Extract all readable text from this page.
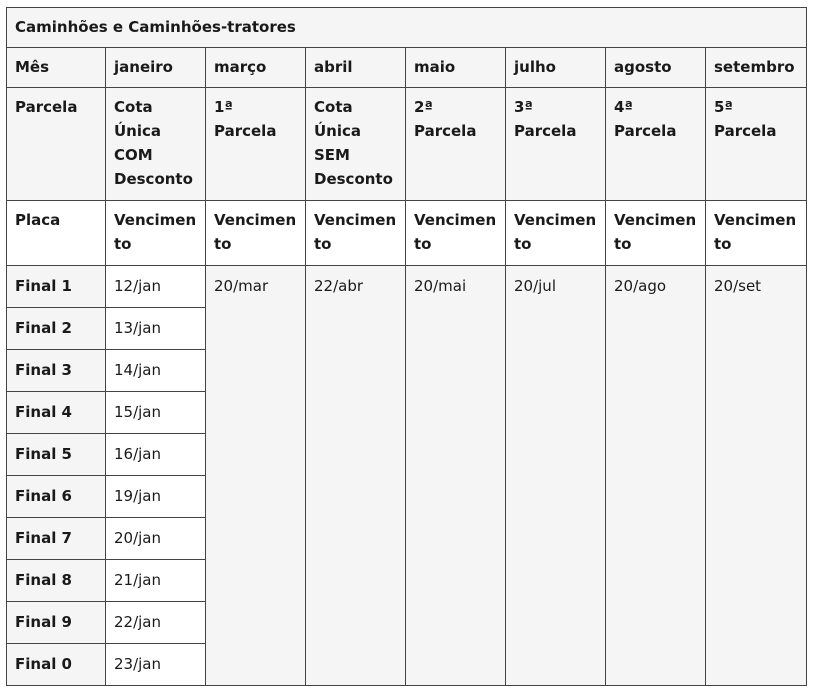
Caminhões e Caminhões-tratores							
Mês	janeiro	março	abril	maio	julho	agosto	setembro
Parcela	Cota Única COM Desconto	1ª Parcela	Cota Única SEM Desconto	2ª Parcela	3ª Parcela	4ª Parcela	5ª Parcela
Placa	Vencimento	Vencimento	Vencimento	Vencimento	Vencimento	Vencimento	Vencimento
Final 1	12/jan	20/mar	22/abr	20/mai	20/jul	20/ago	20/set
Final 2	13/jan						
Final 3	14/jan						
Final 4	15/jan						
Final 5	16/jan						
Final 6	19/jan						
Final 7	20/jan						
Final 8	21/jan						
Final 9	22/jan						
Final 0	23/jan						
